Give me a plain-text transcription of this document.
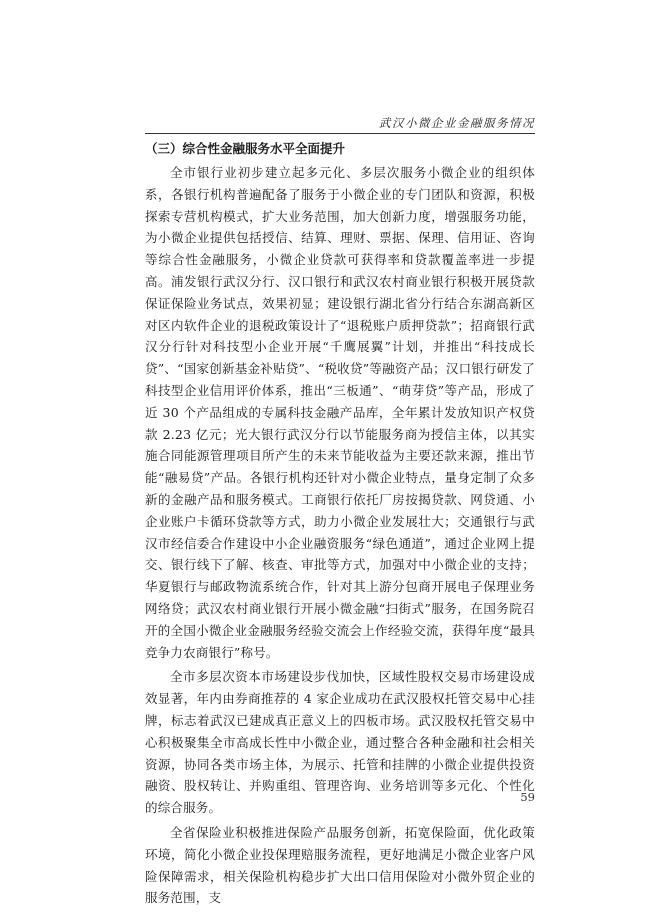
武汉小微企业金融服务情况
（三）综合性金融服务水平全面提升

全市银行业初步建立起多元化、多层次服务小微企业的组织体系，各银行机构普遍配备了服务于小微企业的专门团队和资源，积极探索专营机构模式，扩大业务范围，加大创新力度，增强服务功能，为小微企业提供包括授信、结算、理财、票据、保理、信用证、咨询等综合性金融服务，小微企业贷款可获得率和贷款覆盖率进一步提高。浦发银行武汉分行、汉口银行和武汉农村商业银行积极开展贷款保证保险业务试点，效果初显；建设银行湖北省分行结合东湖高新区对区内软件企业的退税政策设计了“退税账户质押贷款”；招商银行武汉分行针对科技型小企业开展“千鹰展翼”计划，并推出“科技成长贷”、“国家创新基金补贴贷”、“税收贷”等融资产品；汉口银行研发了科技型企业信用评价体系，推出“三板通”、“萌芽贷”等产品，形成了近 30 个产品组成的专属科技金融产品库，全年累计发放知识产权贷款 2.23 亿元；光大银行武汉分行以节能服务商为授信主体，以其实施合同能源管理项目所产生的未来节能收益为主要还款来源，推出节能“融易贷”产品。各银行机构还针对小微企业特点，量身定制了众多新的金融产品和服务模式。工商银行依托厂房按揭贷款、网贷通、小企业账户卡循环贷款等方式，助力小微企业发展壮大；交通银行与武汉市经信委合作建设中小企业融资服务“绿色通道”，通过企业网上提交、银行线下了解、核查、审批等方式，加强对中小微企业的支持；华夏银行与邮政物流系统合作，针对其上游分包商开展电子保理业务网络贷；武汉农村商业银行开展小微金融“扫街式”服务，在国务院召开的全国小微企业金融服务经验交流会上作经验交流，获得年度“最具竞争力农商银行”称号。

全市多层次资本市场建设步伐加快，区域性股权交易市场建设成效显著，年内由券商推荐的 4 家企业成功在武汉股权托管交易中心挂牌，标志着武汉已建成真正意义上的四板市场。武汉股权托管交易中心积极聚集全市高成长性中小微企业，通过整合各种金融和社会相关资源，协同各类市场主体，为展示、托管和挂牌的小微企业提供投资融资、股权转让、并购重组、管理咨询、业务培训等多元化、个性化的综合服务。

全省保险业积极推进保险产品服务创新，拓宽保险面，优化政策环境，简化小微企业投保理赔服务流程，更好地满足小微企业客户风险保障需求，相关保险机构稳步扩大出口信用保险对小微外贸企业的服务范围，支

59
